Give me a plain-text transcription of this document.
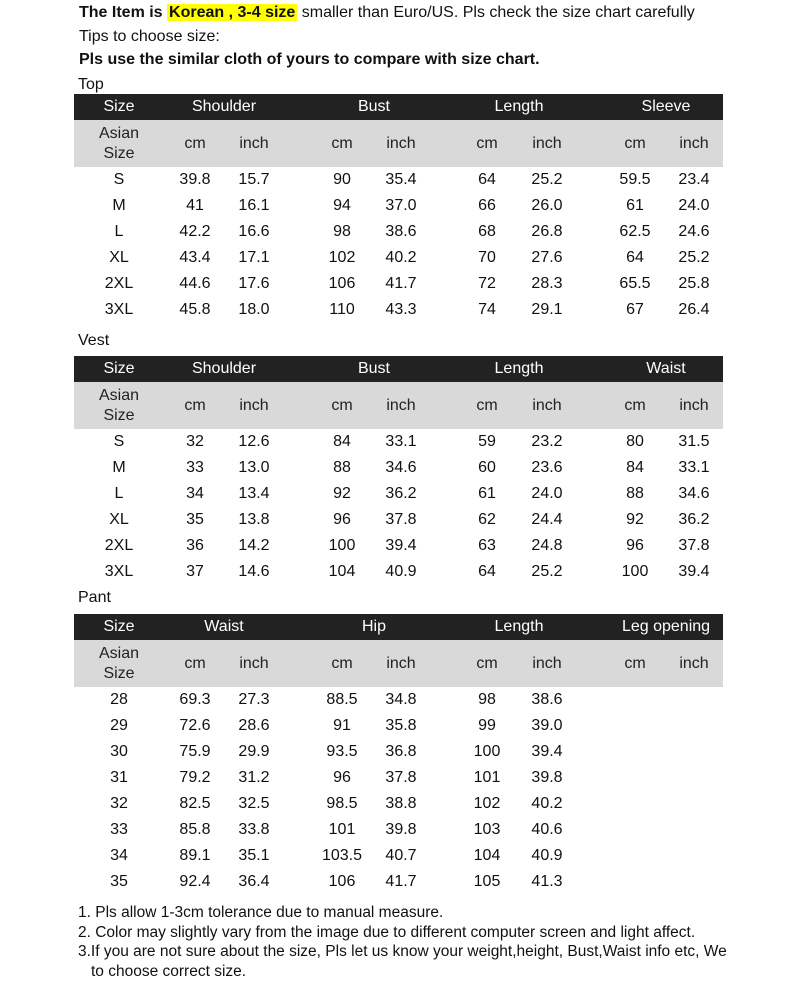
The Item is Korean , 3-4 size smaller than Euro/US. Pls check the size chart carefully
Tips to choose size:
Pls use the similar cloth of yours to compare with size chart.
Top
Size	Shoulder	Bust	Length	Sleeve
Asian
Size
cm	inch	cm	inch	cm	inch	cm	inch
S	39.8	15.7	90	35.4	64	25.2	59.5	23.4
M	41	16.1	94	37.0	66	26.0	61	24.0
L	42.2	16.6	98	38.6	68	26.8	62.5	24.6
XL	43.4	17.1	102	40.2	70	27.6	64	25.2
2XL	44.6	17.6	106	41.7	72	28.3	65.5	25.8
3XL	45.8	18.0	110	43.3	74	29.1	67	26.4
Vest
Size	Shoulder	Bust	Length	Waist
Asian
Size
cm	inch	cm	inch	cm	inch	cm	inch
S	32	12.6	84	33.1	59	23.2	80	31.5
M	33	13.0	88	34.6	60	23.6	84	33.1
L	34	13.4	92	36.2	61	24.0	88	34.6
XL	35	13.8	96	37.8	62	24.4	92	36.2
2XL	36	14.2	100	39.4	63	24.8	96	37.8
3XL	37	14.6	104	40.9	64	25.2	100	39.4
Pant
Size	Waist	Hip	Length	Leg opening
Asian
Size
cm	inch	cm	inch	cm	inch	cm	inch
28	69.3	27.3	88.5	34.8	98	38.6
29	72.6	28.6	91	35.8	99	39.0
30	75.9	29.9	93.5	36.8	100	39.4
31	79.2	31.2	96	37.8	101	39.8
32	82.5	32.5	98.5	38.8	102	40.2
33	85.8	33.8	101	39.8	103	40.6
34	89.1	35.1	103.5	40.7	104	40.9
35	92.4	36.4	106	41.7	105	41.3
1. Pls allow 1-3cm tolerance due to manual measure.
2. Color may slightly vary from the image due to different computer screen and light affect.
3.If you are not sure about the size, Pls let us know your weight,height, Bust,Waist info etc, We
to choose correct size.
